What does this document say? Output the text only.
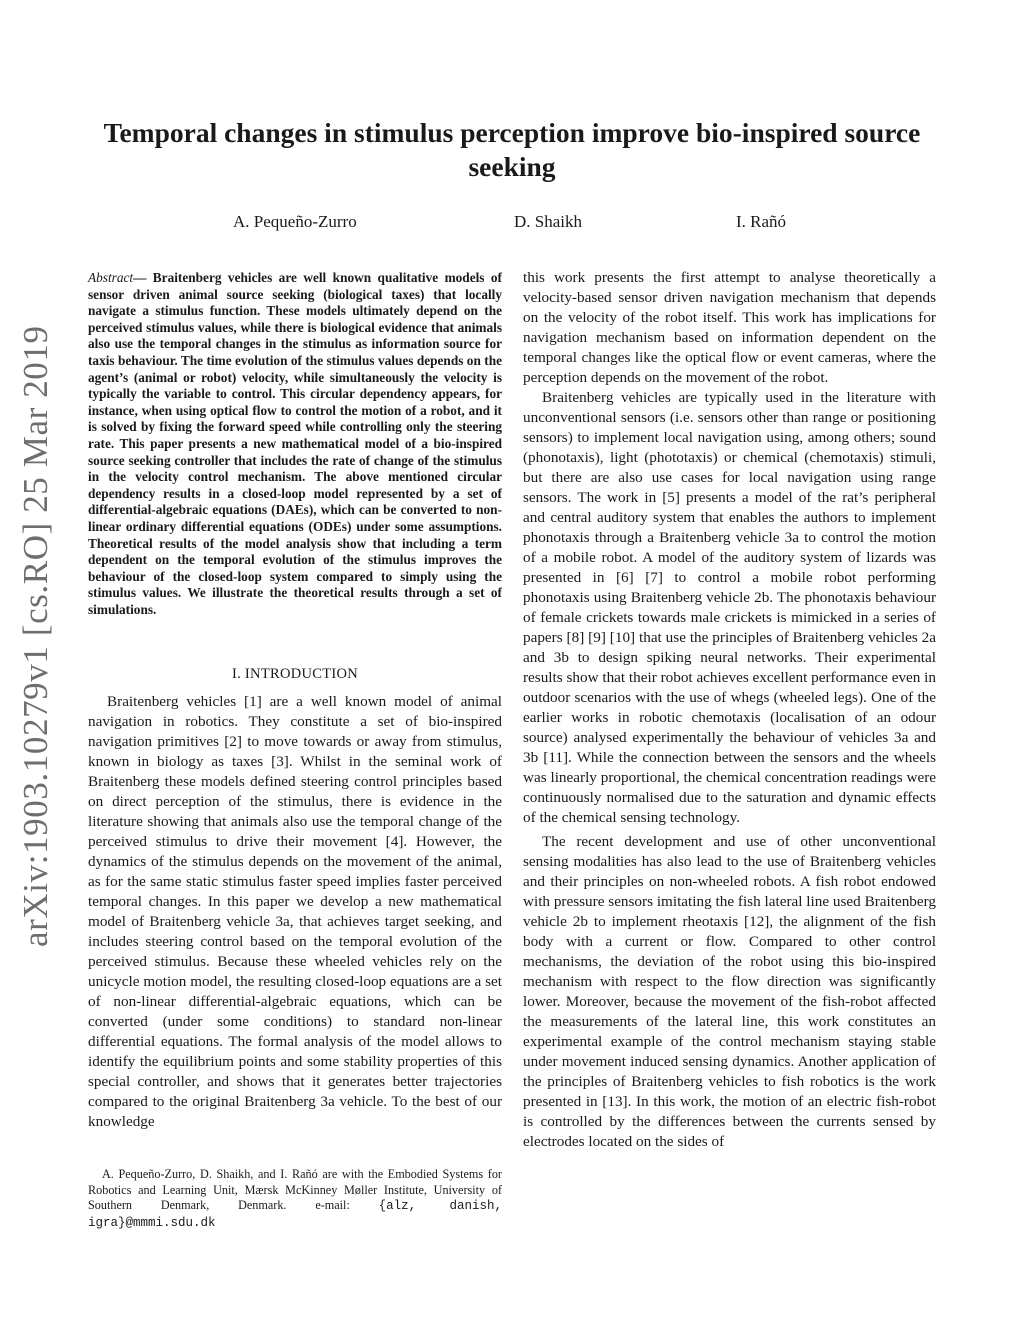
arXiv:1903.10279v1 [cs.RO] 25 Mar 2019
Temporal changes in stimulus perception improve bio-inspired source seeking
A. Pequeño-Zurro	D. Shaikh	I. Rañó
Abstract— Braitenberg vehicles are well known qualitative models of sensor driven animal source seeking (biological taxes) that locally navigate a stimulus function. These models ultimately depend on the perceived stimulus values, while there is biological evidence that animals also use the temporal changes in the stimulus as information source for taxis behaviour. The time evolution of the stimulus values depends on the agent’s (animal or robot) velocity, while simultaneously the velocity is typically the variable to control. This circular dependency appears, for instance, when using optical flow to control the motion of a robot, and it is solved by fixing the forward speed while controlling only the steering rate. This paper presents a new mathematical model of a bio-inspired source seeking controller that includes the rate of change of the stimulus in the velocity control mechanism. The above mentioned circular dependency results in a closed-loop model represented by a set of differential-algebraic equations (DAEs), which can be converted to non-linear ordinary differential equations (ODEs) under some assumptions. Theoretical results of the model analysis show that including a term dependent on the temporal evolution of the stimulus improves the behaviour of the closed-loop system compared to simply using the stimulus values. We illustrate the theoretical results through a set of simulations.
I. INTRODUCTION

Braitenberg vehicles [1] are a well known model of animal navigation in robotics. They constitute a set of bio-inspired navigation primitives [2] to move towards or away from stimulus, known in biology as taxes [3]. Whilst in the seminal work of Braitenberg these models defined steering control principles based on direct perception of the stimulus, there is evidence in the literature showing that animals also use the temporal change of the perceived stimulus to drive their movement [4]. However, the dynamics of the stimulus depends on the movement of the animal, as for the same static stimulus faster speed implies faster perceived temporal changes. In this paper we develop a new mathematical model of Braitenberg vehicle 3a, that achieves target seeking, and includes steering control based on the temporal evolution of the perceived stimulus. Because these wheeled vehicles rely on the unicycle motion model, the resulting closed-loop equations are a set of non-linear differential-algebraic equations, which can be converted (under some conditions) to standard non-linear differential equations. The formal analysis of the model allows to identify the equilibrium points and some stability properties of this special controller, and shows that it generates better trajectories compared to the original Braitenberg 3a vehicle. To the best of our knowledge

A. Pequeño-Zurro, D. Shaikh, and I. Rañó are with the Embodied Systems for Robotics and Learning Unit, Mærsk McKinney Møller Institute, University of Southern Denmark, Denmark. e-mail: {alz, danish, igra}@mmmi.sdu.dk

this work presents the first attempt to analyse theoretically a velocity-based sensor driven navigation mechanism that depends on the velocity of the robot itself. This work has implications for navigation mechanism based on information dependent on the temporal changes like the optical flow or event cameras, where the perception depends on the movement of the robot.

Braitenberg vehicles are typically used in the literature with unconventional sensors (i.e. sensors other than range or positioning sensors) to implement local navigation using, among others; sound (phonotaxis), light (phototaxis) or chemical (chemotaxis) stimuli, but there are also use cases for local navigation using range sensors. The work in [5] presents a model of the rat’s peripheral and central auditory system that enables the authors to implement phonotaxis through a Braitenberg vehicle 3a to control the motion of a mobile robot. A model of the auditory system of lizards was presented in [6] [7] to control a mobile robot performing phonotaxis using Braitenberg vehicle 2b. The phonotaxis behaviour of female crickets towards male crickets is mimicked in a series of papers [8] [9] [10] that use the principles of Braitenberg vehicles 2a and 3b to design spiking neural networks. Their experimental results show that their robot achieves excellent performance even in outdoor scenarios with the use of whegs (wheeled legs). One of the earlier works in robotic chemotaxis (localisation of an odour source) analysed experimentally the behaviour of vehicles 3a and 3b [11]. While the connection between the sensors and the wheels was linearly proportional, the chemical concentration readings were continuously normalised due to the saturation and dynamic effects of the chemical sensing technology.

The recent development and use of other unconventional sensing modalities has also lead to the use of Braitenberg vehicles and their principles on non-wheeled robots. A fish robot endowed with pressure sensors imitating the fish lateral line used Braitenberg vehicle 2b to implement rheotaxis [12], the alignment of the fish body with a current or flow. Compared to other control mechanisms, the deviation of the robot using this bio-inspired mechanism with respect to the flow direction was significantly lower. Moreover, because the movement of the fish-robot affected the measurements of the lateral line, this work constitutes an experimental example of the control mechanism staying stable under movement induced sensing dynamics. Another application of the principles of Braitenberg vehicles to fish robotics is the work presented in [13]. In this work, the motion of an electric fish-robot is controlled by the differences between the currents sensed by electrodes located on the sides of
